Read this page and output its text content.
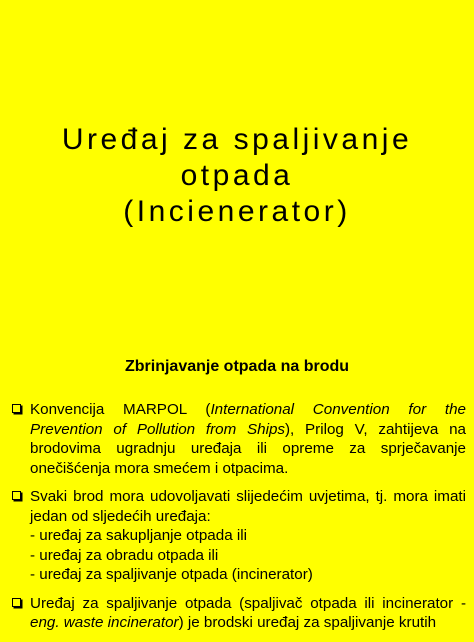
Uređaj za spaljivanje
otpada
(Incienerator)
Zbrinjavanje otpada na brodu
Konvencija MARPOL (International Convention for the Prevention of Pollution from Ships), Prilog V, zahtijeva na brodovima ugradnju uređaja ili opreme za sprječavanje onečišćenja mora smećem i otpacima.
Svaki brod mora udovoljavati slijedećim uvjetima, tj. mora imati jedan od sljedećih uređaja:
- uređaj za sakupljanje otpada ili
- uređaj za obradu otpada ili
- uređaj za spaljivanje otpada (incinerator)
Uređaj za spaljivanje otpada (spaljivač otpada ili incinerator - eng. waste incinerator) je brodski uređaj za spaljivanje krutih
